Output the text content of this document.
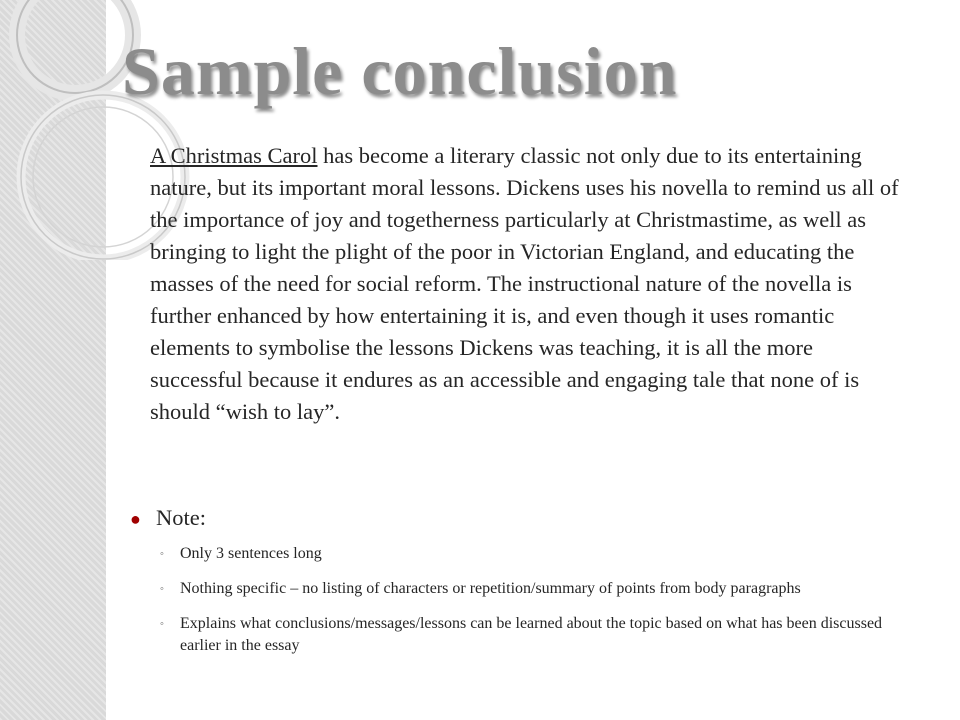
Sample conclusion

A Christmas Carol has become a literary classic not only due to its entertaining nature, but its important moral lessons. Dickens uses his novella to remind us all of the importance of joy and togetherness particularly at Christmastime, as well as bringing to light the plight of the poor in Victorian England, and educating the masses of the need for social reform. The instructional nature of the novella is further enhanced by how entertaining it is, and even though it uses romantic elements to symbolise the lessons Dickens was teaching, it is all the more successful because it endures as an accessible and engaging tale that none of is should “wish to lay”.

● Note:
◦ Only 3 sentences long
◦ Nothing specific – no listing of characters or repetition/summary of points from body paragraphs
◦ Explains what conclusions/messages/lessons can be learned about the topic based on what has been discussed earlier in the essay
